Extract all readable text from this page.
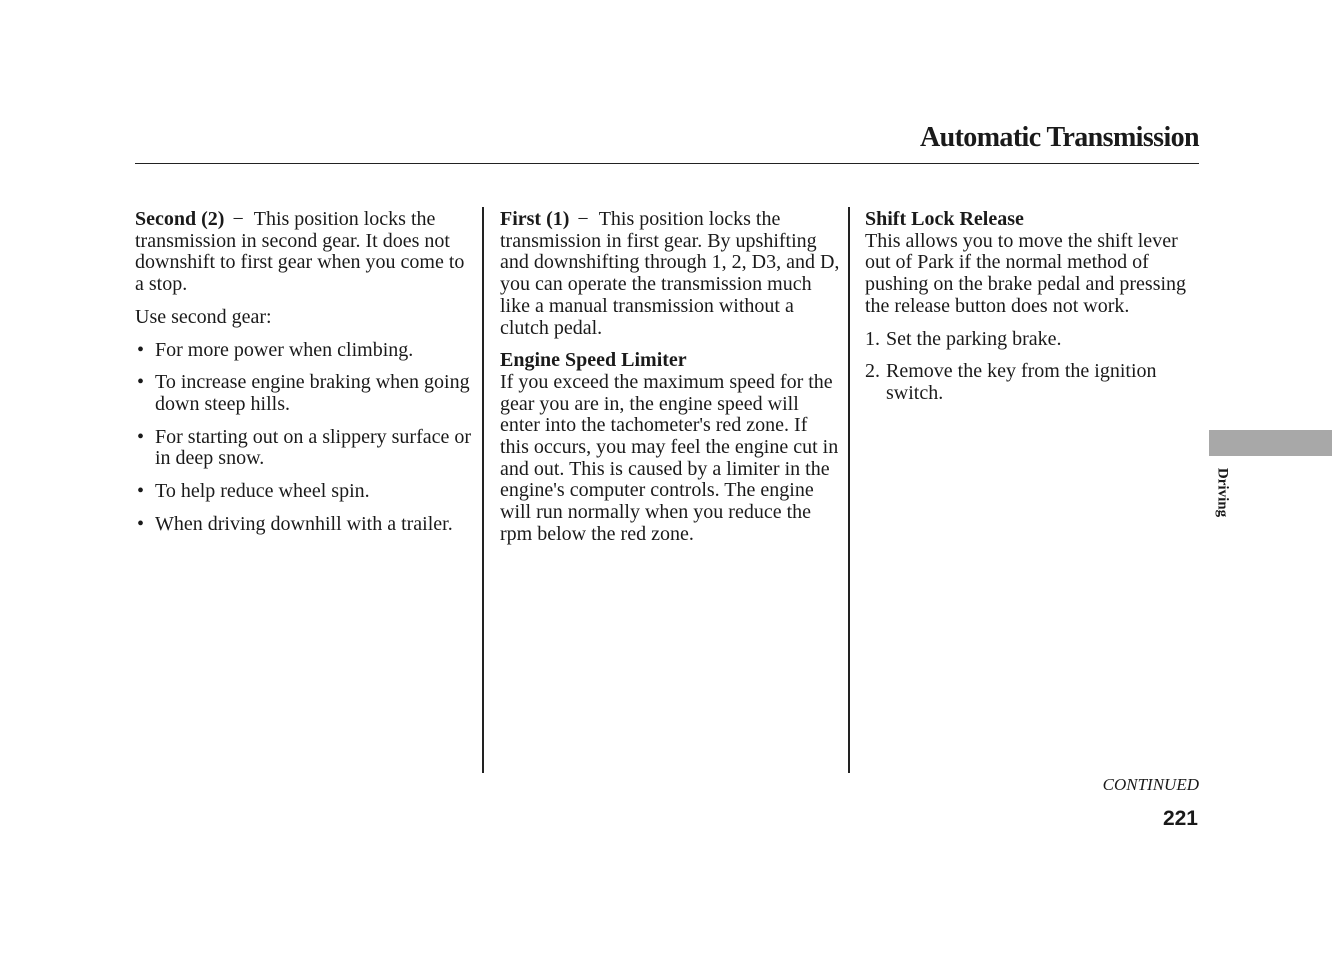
Automatic Transmission

Second (2) − This position locks the transmission in second gear. It does not downshift to first gear when you come to a stop.

Use second gear:

• For more power when climbing.
• To increase engine braking when going down steep hills.
• For starting out on a slippery surface or in deep snow.
• To help reduce wheel spin.
• When driving downhill with a trailer.

First (1) − This position locks the transmission in first gear. By upshifting and downshifting through 1, 2, D3, and D, you can operate the transmission much like a manual transmission without a clutch pedal.

Engine Speed Limiter

If you exceed the maximum speed for the gear you are in, the engine speed will enter into the tachometer's red zone. If this occurs, you may feel the engine cut in and out. This is caused by a limiter in the engine's computer controls. The engine will run normally when you reduce the rpm below the red zone.

Shift Lock Release

This allows you to move the shift lever out of Park if the normal method of pushing on the brake pedal and pressing the release button does not work.

1. Set the parking brake.
2. Remove the key from the ignition switch.
Driving
CONTINUED
221
